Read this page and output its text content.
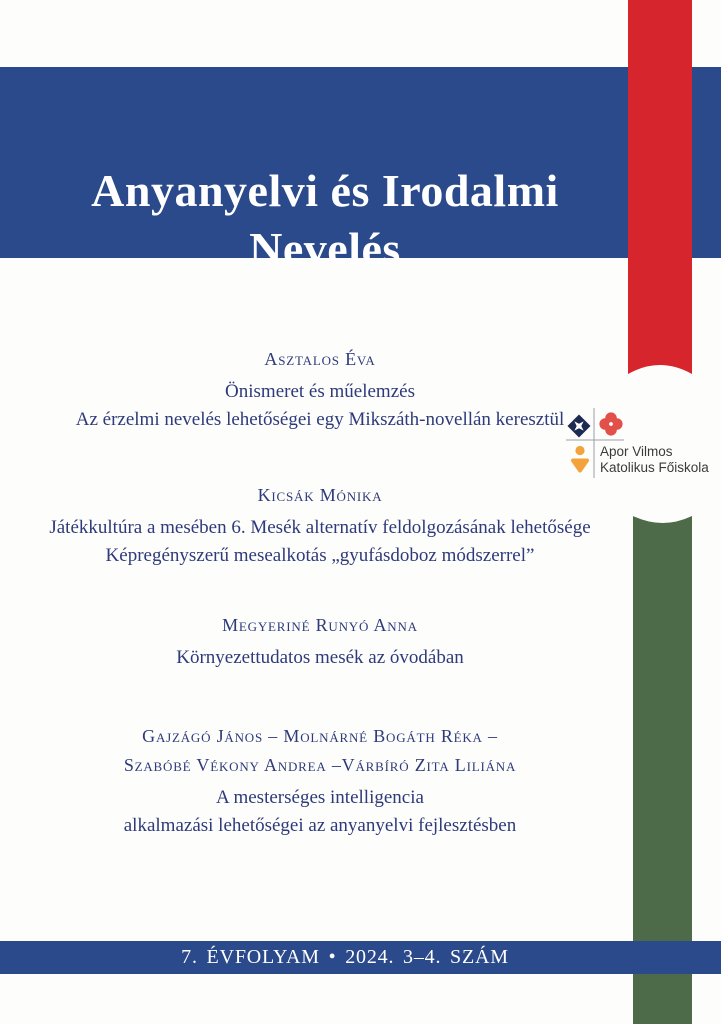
Anyanyelvi és Irodalmi
Nevelés
Asztalos Éva
Önismeret és műelemzés
Az érzelmi nevelés lehetőségei egy Mikszáth-novellán keresztül
Kicsák Mónika
Játékkultúra a mesében 6. Mesék alternatív feldolgozásának lehetősége
Képregényszerű mesealkotás „gyufásdoboz módszerrel”
Megyeriné Runyó Anna
Környezettudatos mesék az óvodában
Gajzágó János – Molnárné Bogáth Réka –
Szabóbé Vékony Andrea –Várbíró Zita Liliána
A mesterséges intelligencia
alkalmazási lehetőségei az anyanyelvi fejlesztésben
Apor Vilmos
Katolikus Főiskola
7. ÉVFOLYAM • 2024. 3–4. SZÁM
